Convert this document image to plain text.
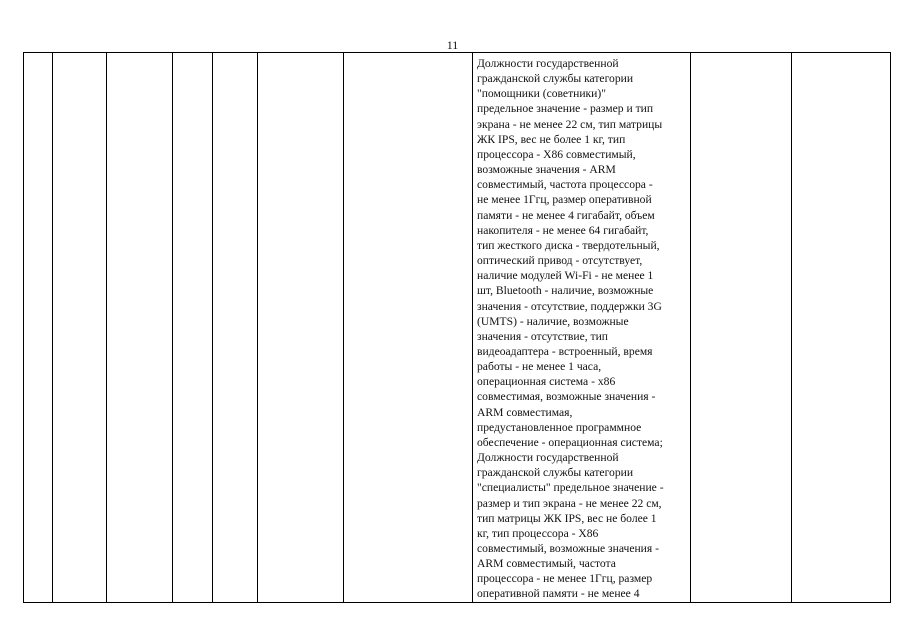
11

Должности государственной
гражданской службы категории
"помощники (советники)"
предельное значение - размер и тип
экрана - не менее 22 см, тип матрицы
ЖК IPS, вес не более 1 кг, тип
процессора - X86 совместимый,
возможные значения - ARM
совместимый, частота процессора -
не менее 1Ггц, размер оперативной
памяти - не менее 4 гигабайт, объем
накопителя - не менее 64 гигабайт,
тип жесткого диска - твердотельный,
оптический привод - отсутствует,
наличие модулей Wi-Fi - не менее 1
шт, Bluetooth - наличие, возможные
значения - отсутствие, поддержки 3G
(UMTS) - наличие, возможные
значения - отсутствие, тип
видеоадаптера - встроенный, время
работы - не менее 1 часа,
операционная система - x86
совместимая, возможные значения -
ARM совместимая,
предустановленное программное
обеспечение - операционная система;
Должности государственной
гражданской службы категории
"специалисты" предельное значение -
размер и тип экрана - не менее 22 см,
тип матрицы ЖК IPS, вес не более 1
кг, тип процессора - X86
совместимый, возможные значения -
ARM совместимый, частота
процессора - не менее 1Ггц, размер
оперативной памяти - не менее 4
